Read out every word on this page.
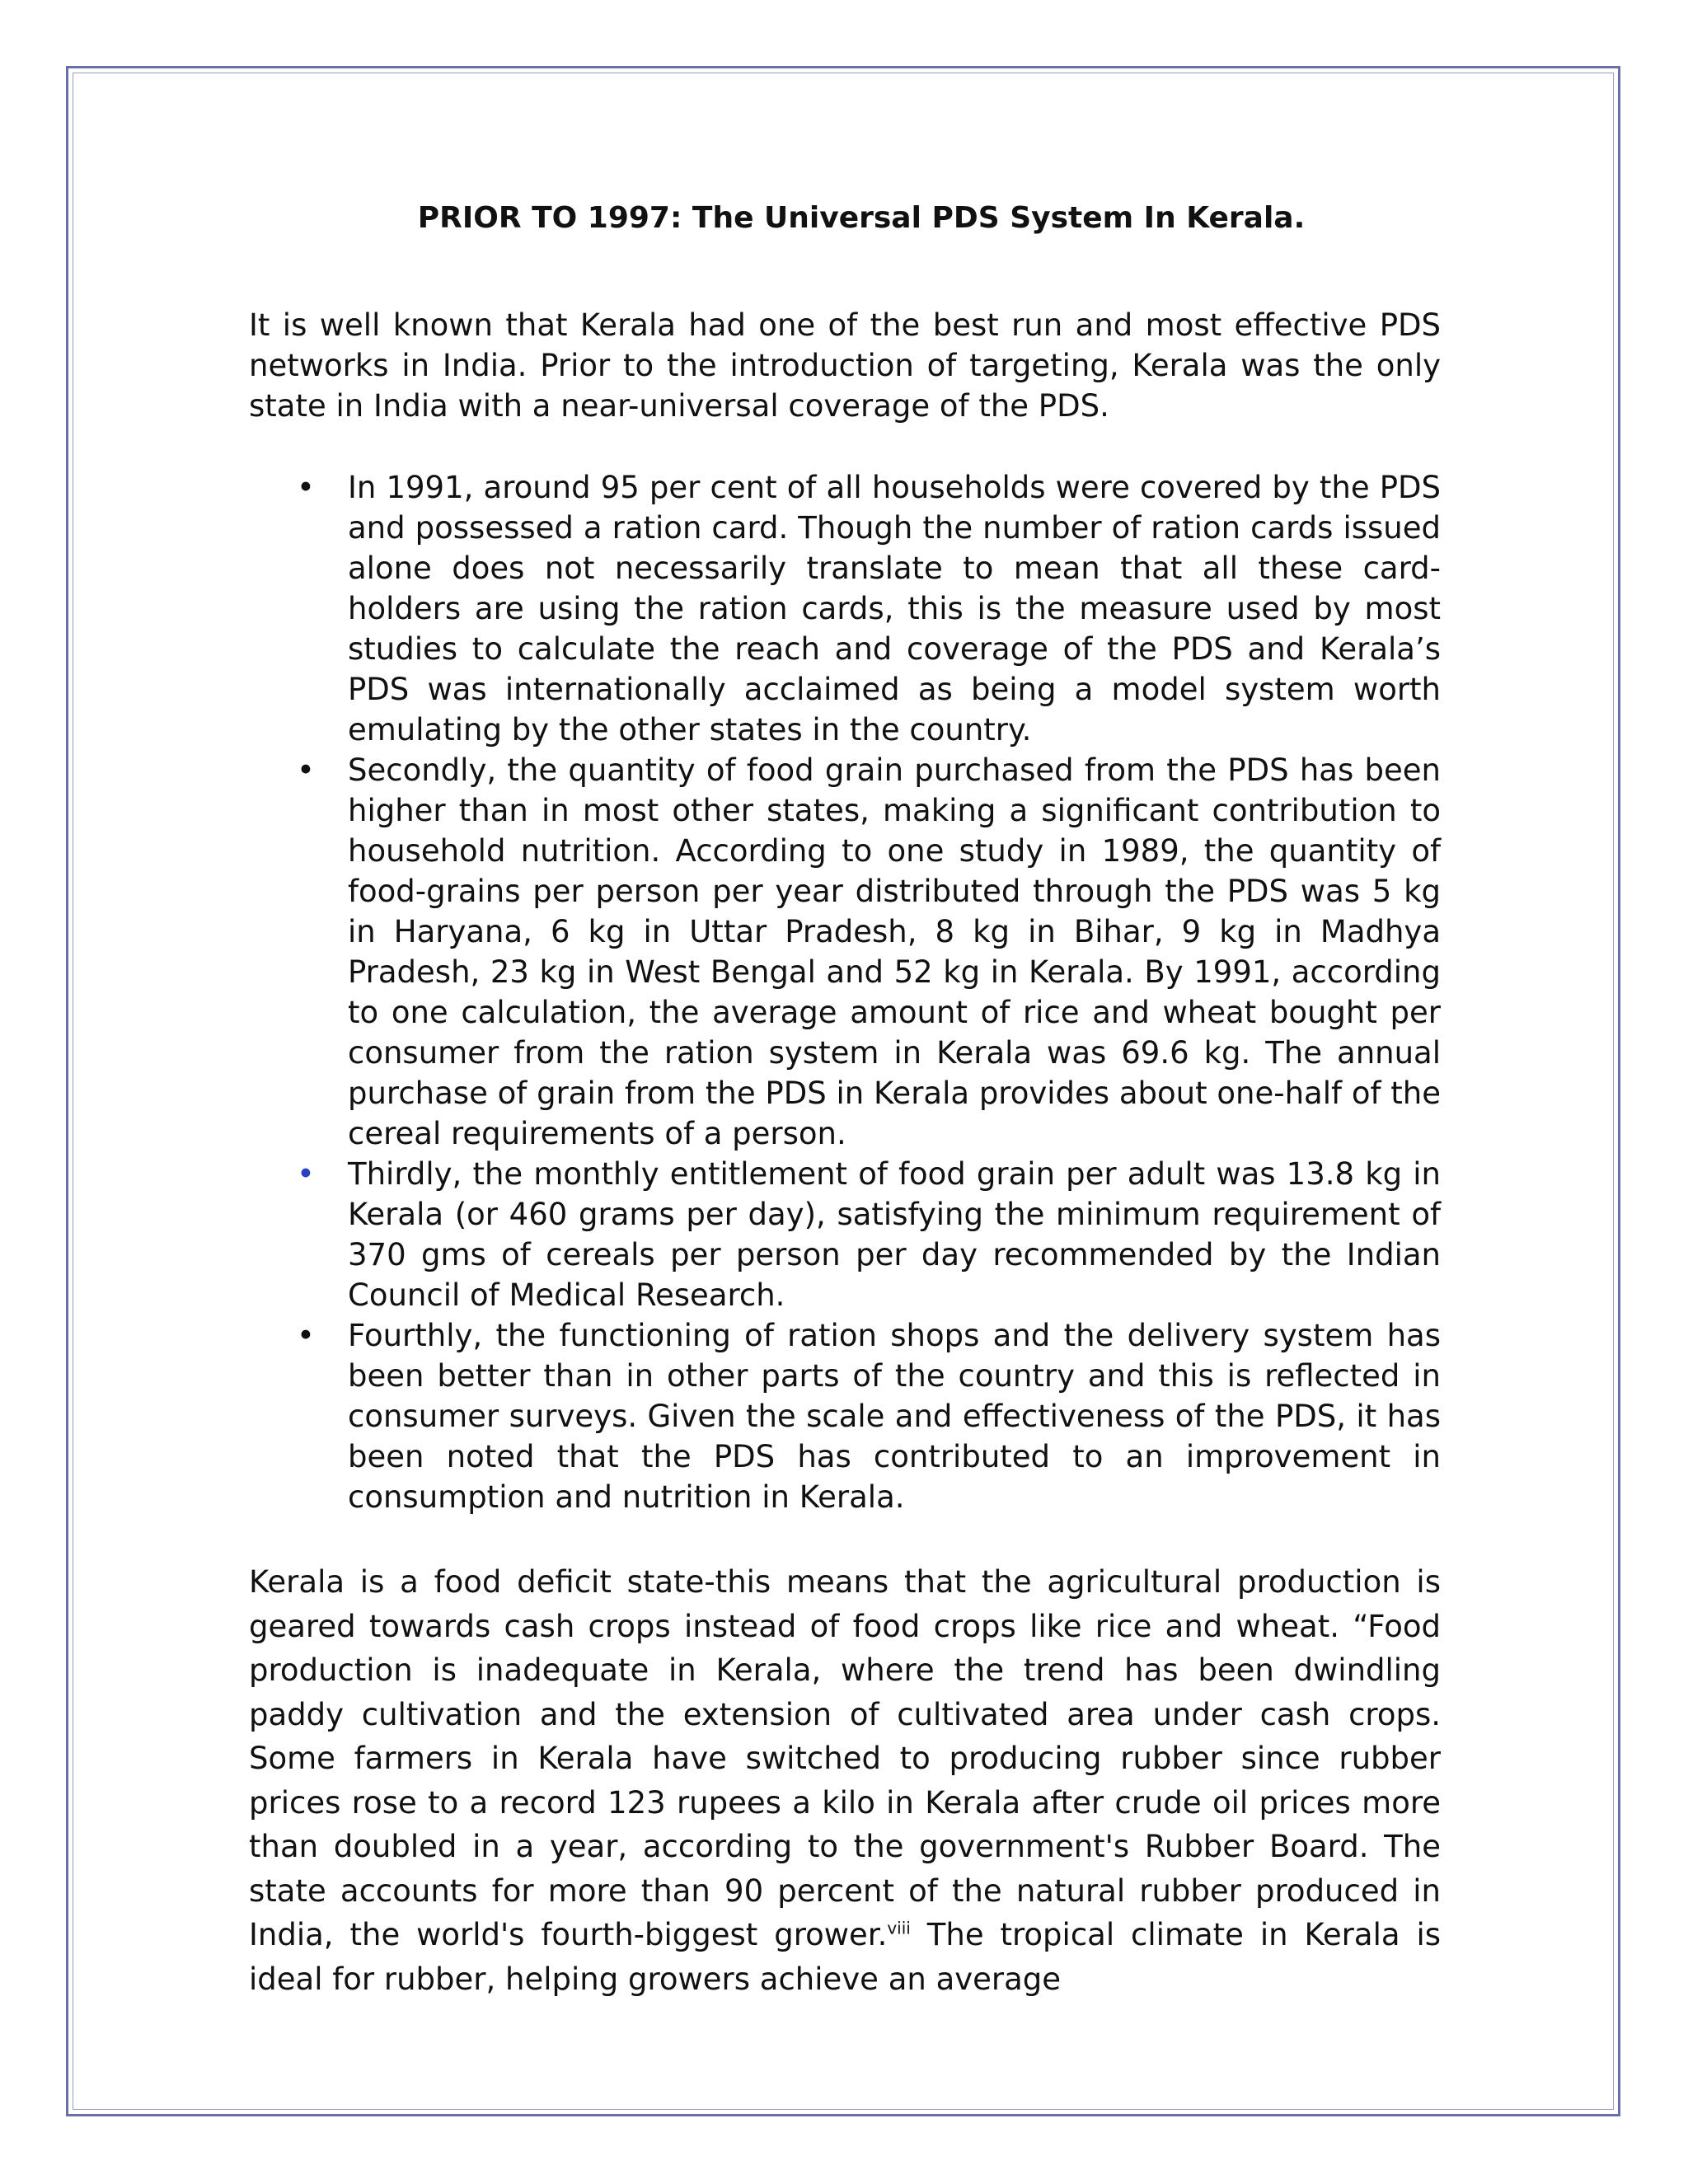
PRIOR TO 1997: The Universal PDS System In Kerala.

It is well known that Kerala had one of the best run and most effective PDS networks in India. Prior to the introduction of targeting, Kerala was the only state in India with a near-universal coverage of the PDS.

• In 1991, around 95 per cent of all households were covered by the PDS and possessed a ration card. Though the number of ration cards issued alone does not necessarily translate to mean that all these card-holders are using the ration cards, this is the measure used by most studies to calculate the reach and coverage of the PDS and Kerala’s PDS was internationally acclaimed as being a model system worth emulating by the other states in the country.
• Secondly, the quantity of food grain purchased from the PDS has been higher than in most other states, making a significant contribution to household nutrition. According to one study in 1989, the quantity of food-grains per person per year distributed through the PDS was 5 kg in Haryana, 6 kg in Uttar Pradesh, 8 kg in Bihar, 9 kg in Madhya Pradesh, 23 kg in West Bengal and 52 kg in Kerala. By 1991, according to one calculation, the average amount of rice and wheat bought per consumer from the ration system in Kerala was 69.6 kg. The annual purchase of grain from the PDS in Kerala provides about one-half of the cereal requirements of a person.
• Thirdly, the monthly entitlement of food grain per adult was 13.8 kg in Kerala (or 460 grams per day), satisfying the minimum requirement of 370 gms of cereals per person per day recommended by the Indian Council of Medical Research.
• Fourthly, the functioning of ration shops and the delivery system has been better than in other parts of the country and this is reflected in consumer surveys. Given the scale and effectiveness of the PDS, it has been noted that the PDS has contributed to an improvement in consumption and nutrition in Kerala.

Kerala is a food deficit state-this means that the agricultural production is geared towards cash crops instead of food crops like rice and wheat. “Food production is inadequate in Kerala, where the trend has been dwindling paddy cultivation and the extension of cultivated area under cash crops. Some farmers in Kerala have switched to producing rubber since rubber prices rose to a record 123 rupees a kilo in Kerala after crude oil prices more than doubled in a year, according to the government's Rubber Board. The state accounts for more than 90 percent of the natural rubber produced in India, the world's fourth-biggest grower.$^{viii}$ The tropical climate in Kerala is ideal for rubber, helping growers achieve an average
